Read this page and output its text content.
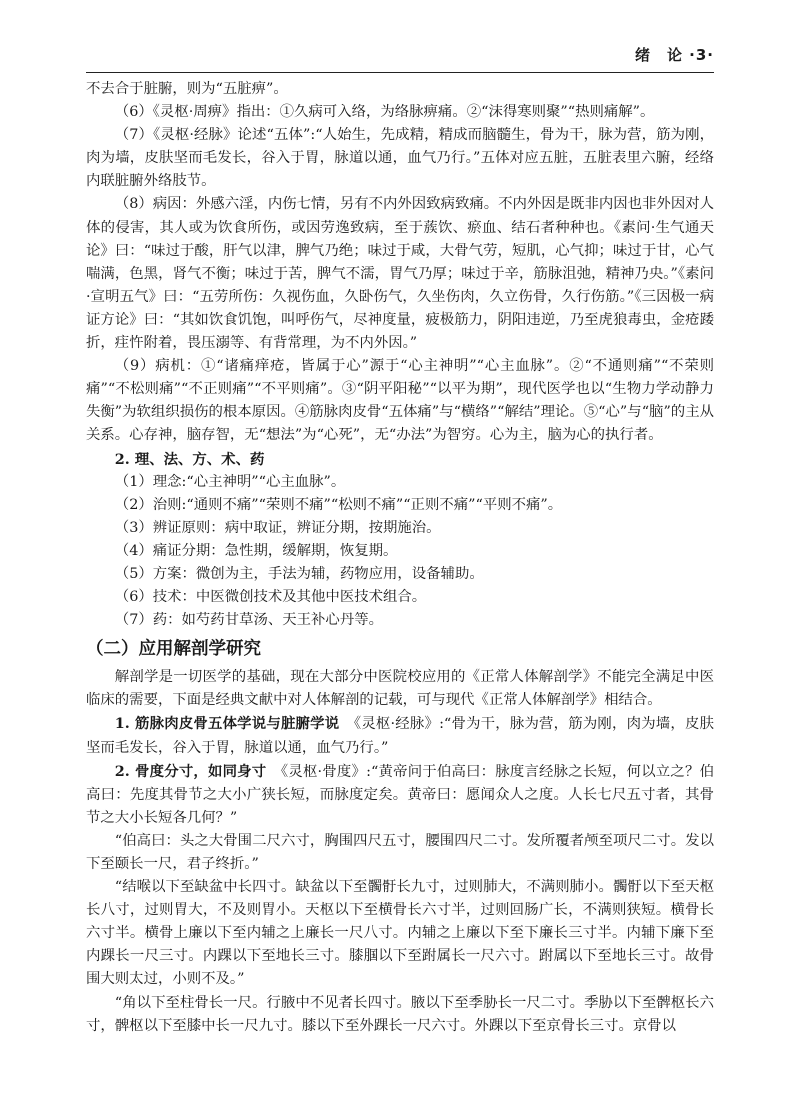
绪　论 ·3·

不去合于脏腑，则为“五脏痹”。

（6）《灵枢·周痹》指出：①久病可入络，为络脉痹痛。②“沫得寒则聚”“热则痛解”。

（7）《灵枢·经脉》论述“五体”:“人始生，先成精，精成而脑髓生，骨为干，脉为营，筋为刚，肉为墙，皮肤坚而毛发长，谷入于胃，脉道以通，血气乃行。”五体对应五脏，五脏表里六腑，经络内联脏腑外络肢节。

（8）病因：外感六淫，内伤七情，另有不内外因致病致痛。不内外因是既非内因也非外因对人体的侵害，其人或为饮食所伤，或因劳逸致病，至于蔟饮、瘀血、结石者种种也。《素问·生气通天论》曰：“味过于酸，肝气以津，脾气乃绝；味过于咸，大骨气劳，短肌，心气抑；味过于甘，心气喘满，色黑，肾气不衡；味过于苦，脾气不濡，胃气乃厚；味过于辛，筋脉沮弛，精神乃央。”《素问·宣明五气》曰：“五劳所伤：久视伤血，久卧伤气，久坐伤肉，久立伤骨，久行伤筋。”《三因极一病证方论》曰：“其如饮食饥饱，叫呼伤气，尽神度量，疲极筋力，阴阳违逆，乃至虎狼毒虫，金疮踒折，疰忤附着，畏压溺等、有背常理，为不内外因。”

（9）病机：①“诸痛痒疮，皆属于心”源于“心主神明”“心主血脉”。②“不通则痛”“不荣则痛”“不松则痛”“不正则痛”“不平则痛”。③“阴平阳秘”“以平为期”，现代医学也以“生物力学动静力失衡”为软组织损伤的根本原因。④筋脉肉皮骨“五体痛”与“横络”“解结”理论。⑤“心”与“脑”的主从关系。心存神，脑存智，无“想法”为“心死”，无“办法”为智穷。心为主，脑为心的执行者。

2. 理、法、方、术、药

（1）理念:“心主神明”“心主血脉”。

（2）治则:“通则不痛”“荣则不痛”“松则不痛”“正则不痛”“平则不痛”。

（3）辨证原则：病中取证，辨证分期，按期施治。

（4）痛证分期：急性期，缓解期，恢复期。

（5）方案：微创为主，手法为辅，药物应用，设备辅助。

（6）技术：中医微创技术及其他中医技术组合。

（7）药：如芍药甘草汤、天王补心丹等。

（二）应用解剖学研究

解剖学是一切医学的基础，现在大部分中医院校应用的《正常人体解剖学》不能完全满足中医临床的需要，下面是经典文献中对人体解剖的记载，可与现代《正常人体解剖学》相结合。

1. 筋脉肉皮骨五体学说与脏腑学说　 《灵枢·经脉》:“骨为干，脉为营，筋为刚，肉为墙，皮肤坚而毛发长，谷入于胃，脉道以通，血气乃行。”

2. 骨度分寸，如同身寸　 《灵枢·骨度》:“黄帝问于伯高曰：脉度言经脉之长短，何以立之？伯高曰：先度其骨节之大小广狭长短，而脉度定矣。黄帝曰：愿闻众人之度。人长七尺五寸者，其骨节之大小长短各几何？”

“伯高曰：头之大骨围二尺六寸，胸围四尺五寸，腰围四尺二寸。发所覆者颅至项尺二寸。发以下至颐长一尺，君子终折。”

“结喉以下至缺盆中长四寸。缺盆以下至髑骬长九寸，过则肺大，不满则肺小。髑骬以下至天枢长八寸，过则胃大，不及则胃小。天枢以下至横骨长六寸半，过则回肠广长，不满则狭短。横骨长六寸半。横骨上廉以下至内辅之上廉长一尺八寸。内辅之上廉以下至下廉长三寸半。内辅下廉下至内踝长一尺三寸。内踝以下至地长三寸。膝腘以下至跗属长一尺六寸。跗属以下至地长三寸。故骨围大则太过，小则不及。”

“角以下至柱骨长一尺。行腋中不见者长四寸。腋以下至季胁长一尺二寸。季胁以下至髀枢长六寸，髀枢以下至膝中长一尺九寸。膝以下至外踝长一尺六寸。外踝以下至京骨长三寸。京骨以
